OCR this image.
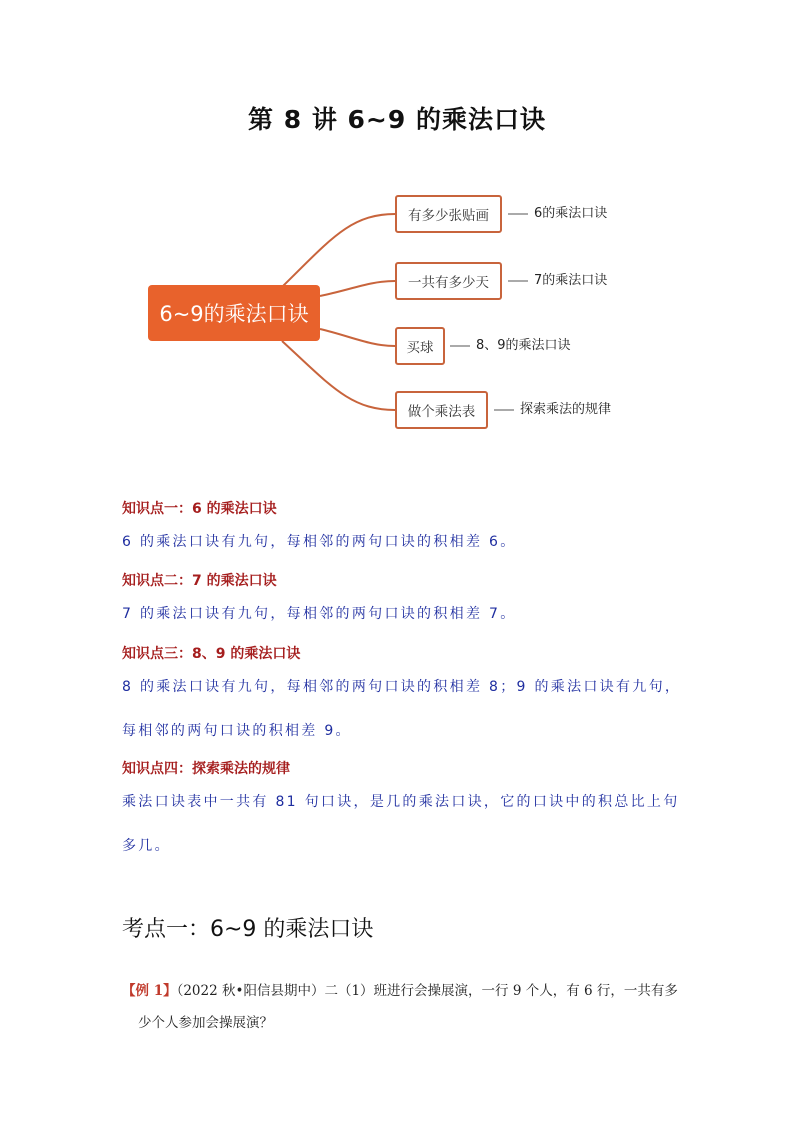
第 8 讲 6~9 的乘法口诀
6~9的乘法口诀
有多少张贴画
一共有多少天
买球
做个乘法表
6的乘法口诀
7的乘法口诀
8、9的乘法口诀
探索乘法的规律
知识点一：6 的乘法口诀
6 的乘法口诀有九句，每相邻的两句口诀的积相差 6。
知识点二：7 的乘法口诀
7 的乘法口诀有九句，每相邻的两句口诀的积相差 7。
知识点三：8、9 的乘法口诀
8 的乘法口诀有九句，每相邻的两句口诀的积相差 8；9 的乘法口诀有九句，每相邻的两句口诀的积相差 9。
知识点四：探索乘法的规律
乘法口诀表中一共有 81 句口诀，是几的乘法口诀，它的口诀中的积总比上句多几。
考点一：6~9 的乘法口诀
【例 1】（2022 秋•阳信县期中）二（1）班进行会操展演，一行 9 个人，有 6 行，一共有多
少个人参加会操展演？
